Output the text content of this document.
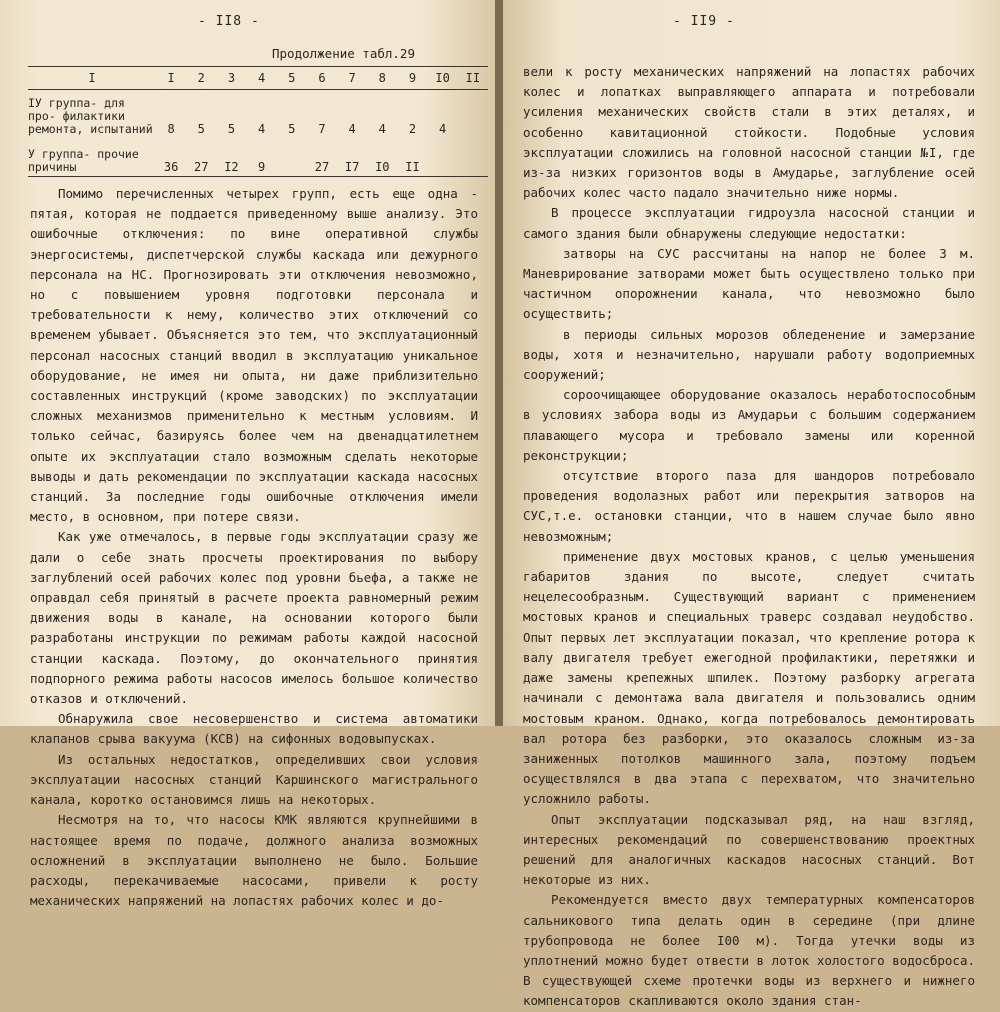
- II8 -
Продолжение табл.29
I	I	2	3	4	5	6	7	8	9	I0	II
IУ группа- для про- филактики ремонта, испытаний	8	5	5	4	5	7	4	4	2	4	
У группа- прочие причины	36	27	I2	9		27	I7	I0	II		

Помимо перечисленных четырех групп, есть еще одна - пятая, которая не поддается приведенному выше анализу. Это ошибочные отключения: по вине оперативной службы энергосистемы, диспетчерской службы каскада или дежурного персонала на НС. Прогнозировать эти отключения невозможно, но с повышением уровня подготовки персонала и требовательности к нему, количество этих отключений со временем убывает. Объясняется это тем, что эксплуатационный персонал насосных станций вводил в эксплуатацию уникальное оборудование, не имея ни опыта, ни даже приблизительно составленных инструкций (кроме заводских) по эксплуатации сложных механизмов применительно к местным условиям. И только сейчас, базируясь более чем на двенадцатилетнем опыте их эксплуатации стало возможным сделать некоторые выводы и дать рекомендации по эксплуатации каскада насосных станций. За последние годы ошибочные отключения имели место, в основном, при потере связи.

Как уже отмечалось, в первые годы эксплуатации сразу же дали о себе знать просчеты проектирования по выбору заглублений осей рабочих колес под уровни бьефа, а также не оправдал себя принятый в расчете проекта равномерный режим движения воды в канале, на основании которого были разработаны инструкции по режимам работы каждой насосной станции каскада. Поэтому, до окончательного принятия подпорного режима работы насосов имелось большое количество отказов и отключений.

Обнаружила свое несовершенство и система автоматики клапанов срыва вакуума (КСВ) на сифонных водовыпусках.

Из остальных недостатков, определивших свои условия эксплуатации насосных станций Каршинского магистрального канала, коротко остановимся лишь на некоторых.

Несмотря на то, что насосы КМК являются крупнейшими в настоящее время по подаче, должного анализа возможных осложнений в эксплуатации выполнено не было. Большие расходы, перекачиваемые насосами, привели к росту механических напряжений на лопастях рабочих колес и до-

- II9 -

вели к росту механических напряжений на лопастях рабочих колес и лопатках выправляющего аппарата и потребовали усиления механических свойств стали в этих деталях, и особенно кавитационной стойкости. Подобные условия эксплуатации сложились на головной насосной станции №I, где из-за низких горизонтов воды в Амударье, заглубление осей рабочих колес часто падало значительно ниже нормы.

В процессе эксплуатации гидроузла насосной станции и самого здания были обнаружены следующие недостатки:

затворы на СУС рассчитаны на напор не более 3 м. Маневрирование затворами может быть осуществлено только при частичном опорожнении канала, что невозможно было осуществить;

в периоды сильных морозов обледенение и замерзание воды, хотя и незначительно, нарушали работу водоприемных сооружений;

сороочищающее оборудование оказалось неработоспособным в условиях забора воды из Амударьи с большим содержанием плавающего мусора и требовало замены или коренной реконструкции;

отсутствие второго паза для шандоров потребовало проведения водолазных работ или перекрытия затворов на СУС,т.е. остановки станции, что в нашем случае было явно невозможным;

применение двух мостовых кранов, с целью уменьшения габаритов здания по высоте, следует считать нецелесообразным. Существующий вариант с применением мостовых кранов и специальных траверс создавал неудобство. Опыт первых лет эксплуатации показал, что крепление ротора к валу двигателя требует ежегодной профилактики, перетяжки и даже замены крепежных шпилек. Поэтому разборку агрегата начинали с демонтажа вала двигателя и пользовались одним мостовым краном. Однако, когда потребовалось демонтировать вал ротора без разборки, это оказалось сложным из-за заниженных потолков машинного зала, поэтому подъем осуществлялся в два этапа с перехватом, что значительно усложнило работы.

Опыт эксплуатации подсказывал ряд, на наш взгляд, интересных рекомендаций по совершенствованию проектных решений для аналогичных каскадов насосных станций. Вот некоторые из них.

Рекомендуется вместо двух температурных компенсаторов сальникового типа делать один в середине (при длине трубопровода не более I00 м). Тогда утечки воды из уплотнений можно будет отвести в лоток холостого водосброса. В существующей схеме протечки воды из верхнего и нижнего компенсаторов скапливаются около здания стан-
